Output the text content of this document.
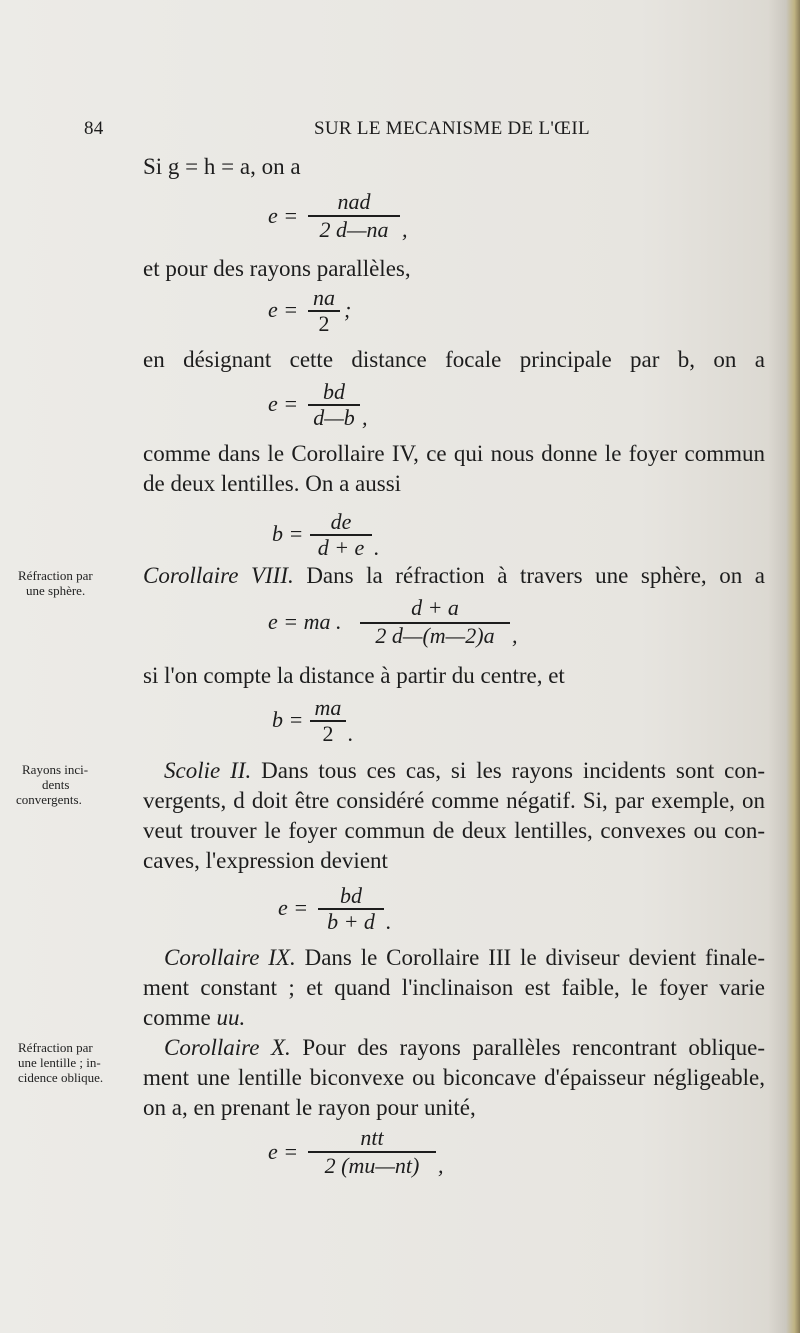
84	SUR LE MECANISME DE L'ŒIL
Si g = h = a, on a
e =
nad
2 d—na ,
et pour des rayons parallèles,
e = na
2
;
en désignant cette distance focale principale par b, on a
e =	bd
d—b ,
comme dans le Corollaire IV, ce qui nous donne le foyer commun
de deux lentilles. On a aussi
b =	de
d + e .
Réfraction par
une sphère.
Corollaire VIII. Dans la réfraction à travers une sphère, on a
e = ma .
d + a
2 d—(m—2)a ,
si l'on compte la distance à partir du centre, et
b = ma
2 .
Rayons inci-
dents
convergents.
Scolie II. Dans tous ces cas, si les rayons incidents sont con-
vergents, d doit être considéré comme négatif. Si, par exemple, on
veut trouver le foyer commun de deux lentilles, convexes ou con-
caves, l'expression devient
e =	bd
b + d .
Corollaire IX. Dans le Corollaire III le diviseur devient finale-
ment constant ; et quand l'inclinaison est faible, le foyer varie
comme uu.
Réfraction par
une lentille ; in-
cidence oblique.
Corollaire X. Pour des rayons parallèles rencontrant oblique-
ment une lentille biconvexe ou biconcave d'épaisseur négligeable,
on a, en prenant le rayon pour unité,
e =
ntt
2 (mu—nt) ,
